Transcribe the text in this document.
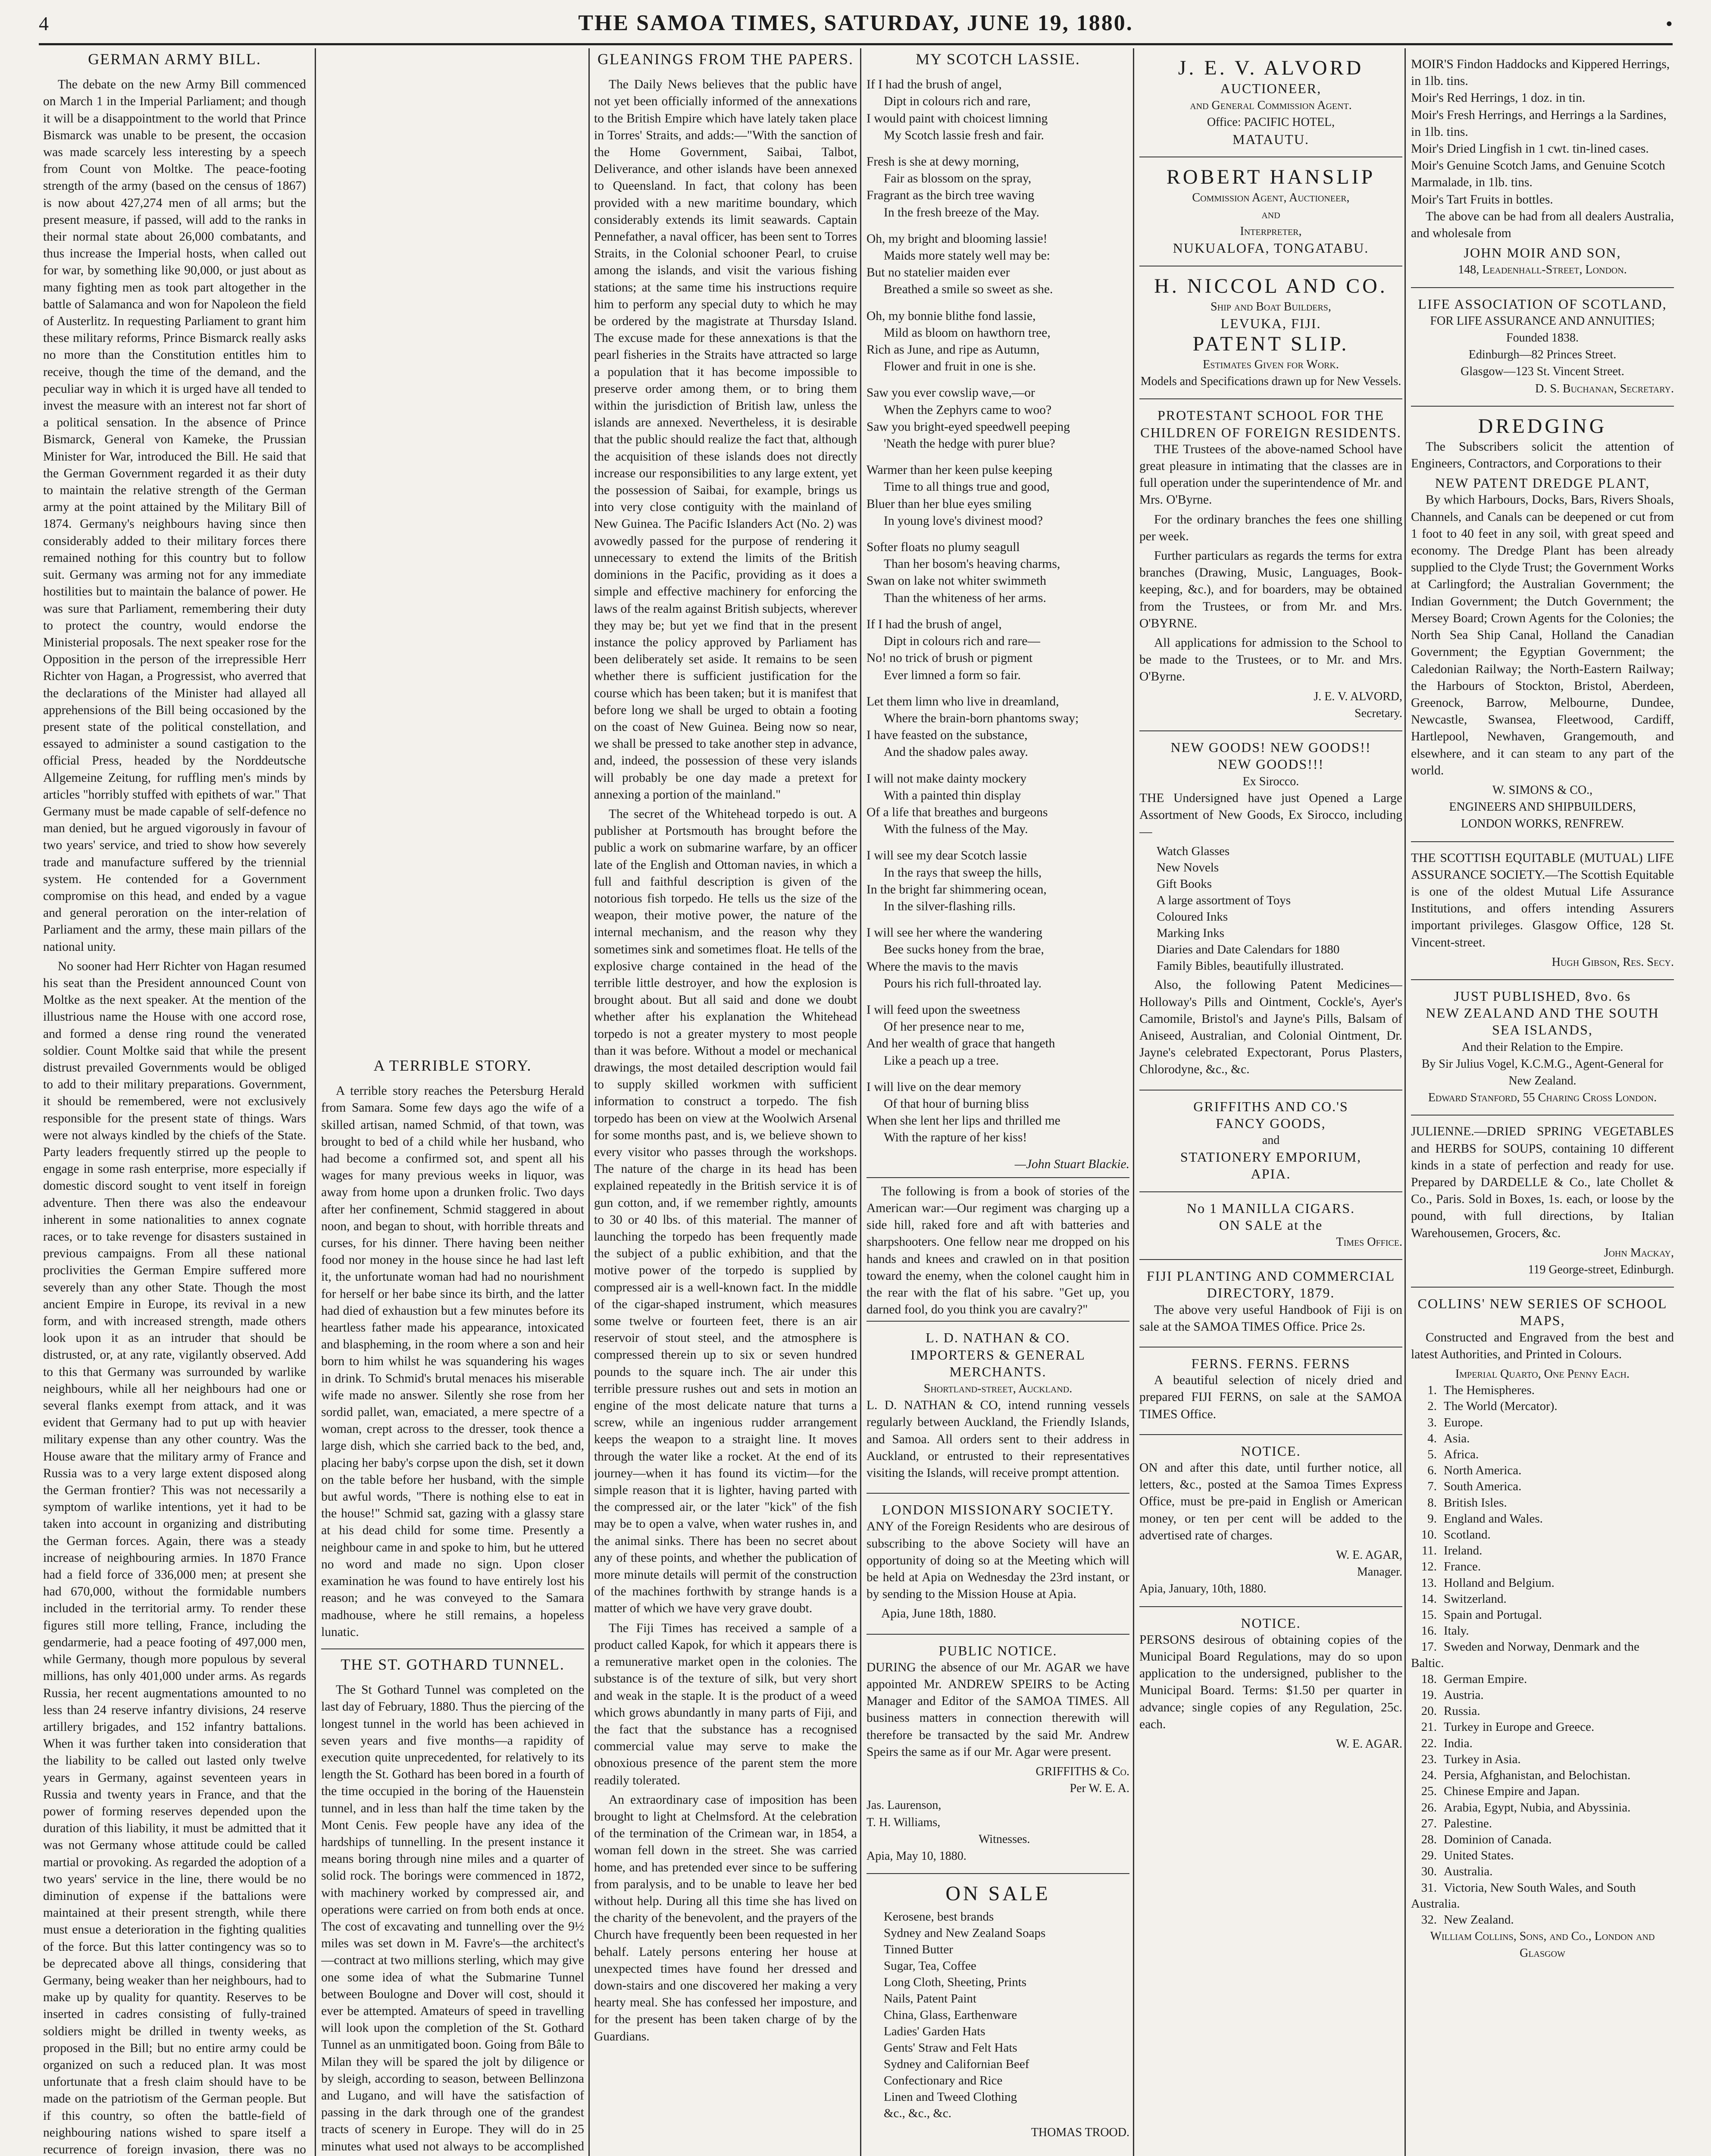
4	THE SAMOA TIMES, SATURDAY, JUNE 19, 1880.	•
GERMAN ARMY BILL.

The debate on the new Army Bill commenced on March 1 in the Imperial Parliament; and though it will be a disappointment to the world that Prince Bismarck was unable to be present, the occasion was made scarcely less interesting by a speech from Count von Moltke. The peace-footing strength of the army (based on the census of 1867) is now about 427,274 men of all arms; but the present measure, if passed, will add to the ranks in their normal state about 26,000 combatants, and thus increase the Imperial hosts, when called out for war, by something like 90,000, or just about as many fighting men as took part altogether in the battle of Salamanca and won for Napoleon the field of Austerlitz. In requesting Parliament to grant him these military reforms, Prince Bismarck really asks no more than the Constitution entitles him to receive, though the time of the demand, and the peculiar way in which it is urged have all tended to invest the measure with an interest not far short of a political sensation. In the absence of Prince Bismarck, General von Kameke, the Prussian Minister for War, introduced the Bill. He said that the German Government regarded it as their duty to maintain the relative strength of the German army at the point attained by the Military Bill of 1874. Germany's neighbours having since then considerably added to their military forces there remained nothing for this country but to follow suit. Germany was arming not for any immediate hostilities but to maintain the balance of power. He was sure that Parliament, remembering their duty to protect the country, would endorse the Ministerial proposals. The next speaker rose for the Opposition in the person of the irrepressible Herr Richter von Hagan, a Progressist, who averred that the declarations of the Minister had allayed all apprehensions of the Bill being occasioned by the present state of the political constellation, and essayed to administer a sound castigation to the official Press, headed by the Norddeutsche Allgemeine Zeitung, for ruffling men's minds by articles "horribly stuffed with epithets of war." That Germany must be made capable of self-defence no man denied, but he argued vigorously in favour of two years' service, and tried to show how severely trade and manufacture suffered by the triennial system. He contended for a Government compromise on this head, and ended by a vague and general peroration on the inter-relation of Parliament and the army, these main pillars of the national unity.

No sooner had Herr Richter von Hagan resumed his seat than the President announced Count von Moltke as the next speaker. At the mention of the illustrious name the House with one accord rose, and formed a dense ring round the venerated soldier. Count Moltke said that while the present distrust prevailed Governments would be obliged to add to their military preparations. Government, it should be remembered, were not exclusively responsible for the present state of things. Wars were not always kindled by the chiefs of the State. Party leaders frequently stirred up the people to engage in some rash enterprise, more especially if domestic discord sought to vent itself in foreign adventure. Then there was also the endeavour inherent in some nationalities to annex cognate races, or to take revenge for disasters sustained in previous campaigns. From all these national proclivities the German Empire suffered more severely than any other State. Though the most ancient Empire in Europe, its revival in a new form, and with increased strength, made others look upon it as an intruder that should be distrusted, or, at any rate, vigilantly observed. Add to this that Germany was surrounded by warlike neighbours, while all her neighbours had one or several flanks exempt from attack, and it was evident that Germany had to put up with heavier military expense than any other country. Was the House aware that the military army of France and Russia was to a very large extent disposed along the German frontier? This was not necessarily a symptom of warlike intentions, yet it had to be taken into account in organizing and distributing the German forces. Again, there was a steady increase of neighbouring armies. In 1870 France had a field force of 336,000 men; at present she had 670,000, without the formidable numbers included in the territorial army. To render these figures still more telling, France, including the gendarmerie, had a peace footing of 497,000 men, while Germany, though more populous by several millions, has only 401,000 under arms. As regards Russia, her recent augmentations amounted to no less than 24 reserve infantry divisions, 24 reserve artillery brigades, and 152 infantry battalions. When it was further taken into consideration that the liability to be called out lasted only twelve years in Germany, against seventeen years in Russia and twenty years in France, and that the power of forming reserves depended upon the duration of this liability, it must be admitted that it was not Germany whose attitude could be called martial or provoking. As regarded the adoption of a two years' service in the line, there would be no diminution of expense if the battalions were maintained at their present strength, while there must ensue a deterioration in the fighting qualities of the force. But this latter contingency was so to be deprecated above all things, considering that Germany, being weaker than her neighbours, had to make up by quality for quantity. Reserves to be inserted in cadres consisting of fully-trained soldiers might be drilled in twenty weeks, as proposed in the Bill; but no entire army could be organized on such a reduced plan. It was most unfortunate that a fresh claim should have to be made on the patriotism of the German people. But if this country, so often the battle-field of neighbouring nations wished to spare itself a recurrence of foreign invasion, there was no

A TERRIBLE STORY.

A terrible story reaches the Petersburg Herald from Samara. Some few days ago the wife of a skilled artisan, named Schmid, of that town, was brought to bed of a child while her husband, who had become a confirmed sot, and spent all his wages for many previous weeks in liquor, was away from home upon a drunken frolic. Two days after her confinement, Schmid staggered in about noon, and began to shout, with horrible threats and curses, for his dinner. There having been neither food nor money in the house since he had last left it, the unfortunate woman had had no nourishment for herself or her babe since its birth, and the latter had died of exhaustion but a few minutes before its heartless father made his appearance, intoxicated and blaspheming, in the room where a son and heir born to him whilst he was squandering his wages in drink. To Schmid's brutal menaces his miserable wife made no answer. Silently she rose from her sordid pallet, wan, emaciated, a mere spectre of a woman, crept across to the dresser, took thence a large dish, which she carried back to the bed, and, placing her baby's corpse upon the dish, set it down on the table before her husband, with the simple but awful words, "There is nothing else to eat in the house!" Schmid sat, gazing with a glassy stare at his dead child for some time. Presently a neighbour came in and spoke to him, but he uttered no word and made no sign. Upon closer examination he was found to have entirely lost his reason; and he was conveyed to the Samara madhouse, where he still remains, a hopeless lunatic.

THE ST. GOTHARD TUNNEL.

The St Gothard Tunnel was completed on the last day of February, 1880. Thus the piercing of the longest tunnel in the world has been achieved in seven years and five months—a rapidity of execution quite unprecedented, for relatively to its length the St. Gothard has been bored in a fourth of the time occupied in the boring of the Hauenstein tunnel, and in less than half the time taken by the Mont Cenis. Few people have any idea of the hardships of tunnelling. In the present instance it means boring through nine miles and a quarter of solid rock. The borings were commenced in 1872, with machinery worked by compressed air, and operations were carried on from both ends at once. The cost of excavating and tunnelling over the 9½ miles was set down in M. Favre's—the architect's—contract at two millions sterling, which may give one some idea of what the Submarine Tunnel between Boulogne and Dover will cost, should it ever be attempted. Amateurs of speed in travelling will look upon the completion of the St. Gothard Tunnel as an unmitigated boon. Going from Bâle to Milan they will be spared the jolt by diligence or by sleigh, according to season, between Bellinzona and Lugano, and will have the satisfaction of passing in the dark through one of the grandest tracts of scenery in Europe. They will do in 25 minutes what used not always to be accomplished

GLEANINGS FROM THE PAPERS.

The Daily News believes that the public have not yet been officially informed of the annexations to the British Empire which have lately taken place in Torres' Straits, and adds:—"With the sanction of the Home Government, Saibai, Talbot, Deliverance, and other islands have been annexed to Queensland. In fact, that colony has been provided with a new maritime boundary, which considerably extends its limit seawards. Captain Pennefather, a naval officer, has been sent to Torres Straits, in the Colonial schooner Pearl, to cruise among the islands, and visit the various fishing stations; at the same time his instructions require him to perform any special duty to which he may be ordered by the magistrate at Thursday Island. The excuse made for these annexations is that the pearl fisheries in the Straits have attracted so large a population that it has become impossible to preserve order among them, or to bring them within the jurisdiction of British law, unless the islands are annexed. Nevertheless, it is desirable that the public should realize the fact that, although the acquisition of these islands does not directly increase our responsibilities to any large extent, yet the possession of Saibai, for example, brings us into very close contiguity with the mainland of New Guinea. The Pacific Islanders Act (No. 2) was avowedly passed for the purpose of rendering it unnecessary to extend the limits of the British dominions in the Pacific, providing as it does a simple and effective machinery for enforcing the laws of the realm against British subjects, wherever they may be; but yet we find that in the present instance the policy approved by Parliament has been deliberately set aside. It remains to be seen whether there is sufficient justification for the course which has been taken; but it is manifest that before long we shall be urged to obtain a footing on the coast of New Guinea. Being now so near, we shall be pressed to take another step in advance, and, indeed, the possession of these very islands will probably be one day made a pretext for annexing a portion of the mainland."

The secret of the Whitehead torpedo is out. A publisher at Portsmouth has brought before the public a work on submarine warfare, by an officer late of the English and Ottoman navies, in which a full and faithful description is given of the notorious fish torpedo. He tells us the size of the weapon, their motive power, the nature of the internal mechanism, and the reason why they sometimes sink and sometimes float. He tells of the explosive charge contained in the head of the terrible little destroyer, and how the explosion is brought about. But all said and done we doubt whether after his explanation the Whitehead torpedo is not a greater mystery to most people than it was before. Without a model or mechanical drawings, the most detailed description would fail to supply skilled workmen with sufficient information to construct a torpedo. The fish torpedo has been on view at the Woolwich Arsenal for some months past, and is, we believe shown to every visitor who passes through the workshops. The nature of the charge in its head has been explained repeatedly in the British service it is of gun cotton, and, if we remember rightly, amounts to 30 or 40 lbs. of this material. The manner of launching the torpedo has been frequently made the subject of a public exhibition, and that the motive power of the torpedo is supplied by compressed air is a well-known fact. In the middle of the cigar-shaped instrument, which measures some twelve or fourteen feet, there is an air reservoir of stout steel, and the atmosphere is compressed therein up to six or seven hundred pounds to the square inch. The air under this terrible pressure rushes out and sets in motion an engine of the most delicate nature that turns a screw, while an ingenious rudder arrangement keeps the weapon to a straight line. It moves through the water like a rocket. At the end of its journey—when it has found its victim—for the simple reason that it is lighter, having parted with the compressed air, or the later "kick" of the fish may be to open a valve, when water rushes in, and the animal sinks. There has been no secret about any of these points, and whether the publication of more minute details will permit of the construction of the machines forthwith by strange hands is a matter of which we have very grave doubt.

The Fiji Times has received a sample of a product called Kapok, for which it appears there is a remunerative market open in the colonies. The substance is of the texture of silk, but very short and weak in the staple. It is the product of a weed which grows abundantly in many parts of Fiji, and the fact that the substance has a recognised commercial value may serve to make the obnoxious presence of the parent stem the more readily tolerated.

An extraordinary case of imposition has been brought to light at Chelmsford. At the celebration of the termination of the Crimean war, in 1854, a woman fell down in the street. She was carried home, and has pretended ever since to be suffering from paralysis, and to be unable to leave her bed without help. During all this time she has lived on the charity of the benevolent, and the prayers of the Church have frequently been been requested in her behalf. Lately persons entering her house at unexpected times have found her dressed and down-stairs and one discovered her making a very hearty meal. She has confessed her imposture, and for the present has been taken charge of by the Guardians.

MY SCOTCH LASSIE.

If I had the brush of angel,

Dipt in colours rich and rare,

I would paint with choicest limning

My Scotch lassie fresh and fair.

Fresh is she at dewy morning,

Fair as blossom on the spray,

Fragrant as the birch tree waving

In the fresh breeze of the May.

Oh, my bright and blooming lassie!

Maids more stately well may be:

But no statelier maiden ever

Breathed a smile so sweet as she.

Oh, my bonnie blithe fond lassie,

Mild as bloom on hawthorn tree,

Rich as June, and ripe as Autumn,

Flower and fruit in one is she.

Saw you ever cowslip wave,—or

When the Zephyrs came to woo?

Saw you bright-eyed speedwell peeping

'Neath the hedge with purer blue?

Warmer than her keen pulse keeping

Time to all things true and good,

Bluer than her blue eyes smiling

In young love's divinest mood?

Softer floats no plumy seagull

Than her bosom's heaving charms,

Swan on lake not whiter swimmeth

Than the whiteness of her arms.

If I had the brush of angel,

Dipt in colours rich and rare—

No! no trick of brush or pigment

Ever limned a form so fair.

Let them limn who live in dreamland,

Where the brain-born phantoms sway;

I have feasted on the substance,

And the shadow pales away.

I will not make dainty mockery

With a painted thin display

Of a life that breathes and burgeons

With the fulness of the May.

I will see my dear Scotch lassie

In the rays that sweep the hills,

In the bright far shimmering ocean,

In the silver-flashing rills.

I will see her where the wandering

Bee sucks honey from the brae,

Where the mavis to the mavis

Pours his rich full-throated lay.

I will feed upon the sweetness

Of her presence near to me,

And her wealth of grace that hangeth

Like a peach up a tree.

I will live on the dear memory

Of that hour of burning bliss

When she lent her lips and thrilled me

With the rapture of her kiss!

—John Stuart Blackie.

The following is from a book of stories of the American war:—Our regiment was charging up a side hill, raked fore and aft with batteries and sharpshooters. One fellow near me dropped on his hands and knees and crawled on in that position toward the enemy, when the colonel caught him in the rear with the flat of his sabre. "Get up, you darned fool, do you think you are cavalry?"

L. D. NATHAN & CO.
IMPORTERS & GENERAL
MERCHANTS.
Shortland-street, Auckland.

L. D. NATHAN & CO, intend running vessels regularly between Auckland, the Friendly Islands, and Samoa. All orders sent to their address in Auckland, or entrusted to their representatives visiting the Islands, will receive prompt attention.

LONDON MISSIONARY SOCIETY.

ANY of the Foreign Residents who are desirous of subscribing to the above Society will have an opportunity of doing so at the Meeting which will be held at Apia on Wednesday the 23rd instant, or by sending to the Mission House at Apia.

Apia, June 18th, 1880.

PUBLIC NOTICE.

DURING the absence of our Mr. AGAR we have appointed Mr. ANDREW SPEIRS to be Acting Manager and Editor of the SAMOA TIMES. All business matters in connection therewith will therefore be transacted by the said Mr. Andrew Speirs the same as if our Mr. Agar were present.

GRIFFITHS & Co.
Per W. E. A.
Jas. Laurenson,
T. H. Williams,
Witnesses.
Apia, May 10, 1880.
ON SALE
Kerosene, best brands
Sydney and New Zealand Soaps
Tinned Butter
Sugar, Tea, Coffee
Long Cloth, Sheeting, Prints
Nails, Patent Paint
China, Glass, Earthenware
Ladies' Garden Hats
Gents' Straw and Felt Hats
Sydney and Californian Beef
Confectionary and Rice
Linen and Tweed Clothing
&c., &c., &c.
THOMAS TROOD.
J. E. V. ALVORD
AUCTIONEER,
and General Commission Agent.
Office: PACIFIC HOTEL,
MATAUTU.
ROBERT HANSLIP
Commission Agent, Auctioneer,
and
Interpreter,
NUKUALOFA, TONGATABU.
H. NICCOL AND CO.
Ship and Boat Builders,
LEVUKA, FIJI.
PATENT SLIP.
Estimates Given for Work.
Models and Specifications drawn up for New Vessels.
PROTESTANT SCHOOL FOR THE CHILDREN OF FOREIGN RESIDENTS.

THE Trustees of the above-named School have great pleasure in intimating that the classes are in full operation under the superintendence of Mr. and Mrs. O'Byrne.

For the ordinary branches the fees one shilling per week.

Further particulars as regards the terms for extra branches (Drawing, Music, Languages, Book-keeping, &c.), and for boarders, may be obtained from the Trustees, or from Mr. and Mrs. O'BYRNE.

All applications for admission to the School to be made to the Trustees, or to Mr. and Mrs. O'Byrne.

J. E. V. ALVORD,
Secretary.
NEW GOODS! NEW GOODS!!
NEW GOODS!!!
Ex Sirocco.

THE Undersigned have just Opened a Large Assortment of New Goods, Ex Sirocco, including—

Watch Glasses
New Novels
Gift Books
A large assortment of Toys
Coloured Inks
Marking Inks
Diaries and Date Calendars for 1880
Family Bibles, beautifully illustrated.

Also, the following Patent Medicines—Holloway's Pills and Ointment, Cockle's, Ayer's Camomile, Bristol's and Jayne's Pills, Balsam of Aniseed, Australian, and Colonial Ointment, Dr. Jayne's celebrated Expectorant, Porus Plasters, Chlorodyne, &c., &c.

GRIFFITHS AND CO.'S
FANCY GOODS,
and
STATIONERY EMPORIUM,
APIA.
No 1 MANILLA CIGARS.
ON SALE at the
Times Office.
FIJI PLANTING AND COMMERCIAL DIRECTORY, 1879.

The above very useful Handbook of Fiji is on sale at the SAMOA TIMES Office. Price 2s.

FERNS. FERNS. FERNS

A beautiful selection of nicely dried and prepared FIJI FERNS, on sale at the SAMOA TIMES Office.

NOTICE.

ON and after this date, until further notice, all letters, &c., posted at the Samoa Times Express Office, must be pre-paid in English or American money, or ten per cent will be added to the advertised rate of charges.

W. E. AGAR,
Manager.
Apia, January, 10th, 1880.
NOTICE.

PERSONS desirous of obtaining copies of the Municipal Board Regulations, may do so upon application to the undersigned, publisher to the Municipal Board. Terms: $1.50 per quarter in advance; single copies of any Regulation, 25c. each.

W. E. AGAR.
MOIR'S Findon Haddocks and Kippered Herrings, in 1lb. tins.
Moir's Red Herrings, 1 doz. in tin.
Moir's Fresh Herrings, and Herrings a la Sardines, in 1lb. tins.
Moir's Dried Lingfish in 1 cwt. tin-lined cases.
Moir's Genuine Scotch Jams, and Genuine Scotch Marmalade, in 1lb. tins.
Moir's Tart Fruits in bottles.

The above can be had from all dealers Australia, and wholesale from

JOHN MOIR AND SON,
148, Leadenhall-Street, London.
LIFE ASSOCIATION OF SCOTLAND,
FOR LIFE ASSURANCE AND ANNUITIES; Founded 1838.
Edinburgh—82 Princes Street.
Glasgow—123 St. Vincent Street.
D. S. Buchanan, Secretary.
DREDGING

The Subscribers solicit the attention of Engineers, Contractors, and Corporations to their

NEW PATENT DREDGE PLANT,

By which Harbours, Docks, Bars, Rivers Shoals, Channels, and Canals can be deepened or cut from 1 foot to 40 feet in any soil, with great speed and economy. The Dredge Plant has been already supplied to the Clyde Trust; the Government Works at Carlingford; the Australian Government; the Indian Government; the Dutch Government; the Mersey Board; Crown Agents for the Colonies; the North Sea Ship Canal, Holland the Canadian Government; the Egyptian Government; the Caledonian Railway; the North-Eastern Railway; the Harbours of Stockton, Bristol, Aberdeen, Greenock, Barrow, Melbourne, Dundee, Newcastle, Swansea, Fleetwood, Cardiff, Hartlepool, Newhaven, Grangemouth, and elsewhere, and it can steam to any part of the world.

W. SIMONS & CO.,
ENGINEERS AND SHIPBUILDERS,
LONDON WORKS, RENFREW.

THE SCOTTISH EQUITABLE (MUTUAL) LIFE ASSURANCE SOCIETY.—The Scottish Equitable is one of the oldest Mutual Life Assurance Institutions, and offers intending Assurers important privileges. Glasgow Office, 128 St. Vincent-street.

Hugh Gibson, Res. Secy.
JUST PUBLISHED, 8vo. 6s
NEW ZEALAND AND THE SOUTH SEA ISLANDS,
And their Relation to the Empire.
By Sir Julius Vogel, K.C.M.G., Agent-General for New Zealand.
Edward Stanford, 55 Charing Cross London.

JULIENNE.—DRIED SPRING VEGETABLES and HERBS for SOUPS, containing 10 different kinds in a state of perfection and ready for use. Prepared by DARDELLE & Co., late Chollet & Co., Paris. Sold in Boxes, 1s. each, or loose by the pound, with full directions, by Italian Warehousemen, Grocers, &c.

John Mackay,
119 George-street, Edinburgh.
COLLINS' NEW SERIES OF SCHOOL MAPS,

Constructed and Engraved from the best and latest Authorities, and Printed in Colours.

Imperial Quarto, One Penny Each.
1. The Hemispheres.
2. The World (Mercator).
3. Europe.
4. Asia.
5. Africa.
6. North America.
7. South America.
8. British Isles.
9. England and Wales.
10. Scotland.
11. Ireland.
12. France.
13. Holland and Belgium.
14. Switzerland.
15. Spain and Portugal.
16. Italy.
17. Sweden and Norway, Denmark and the Baltic.
18. German Empire.
19. Austria.
20. Russia.
21. Turkey in Europe and Greece.
22. India.
23. Turkey in Asia.
24. Persia, Afghanistan, and Belochistan.
25. Chinese Empire and Japan.
26. Arabia, Egypt, Nubia, and Abyssinia.
27. Palestine.
28. Dominion of Canada.
29. United States.
30. Australia.
31. Victoria, New South Wales, and South Australia.
32. New Zealand.
William Collins, Sons, and Co., London and Glasgow
